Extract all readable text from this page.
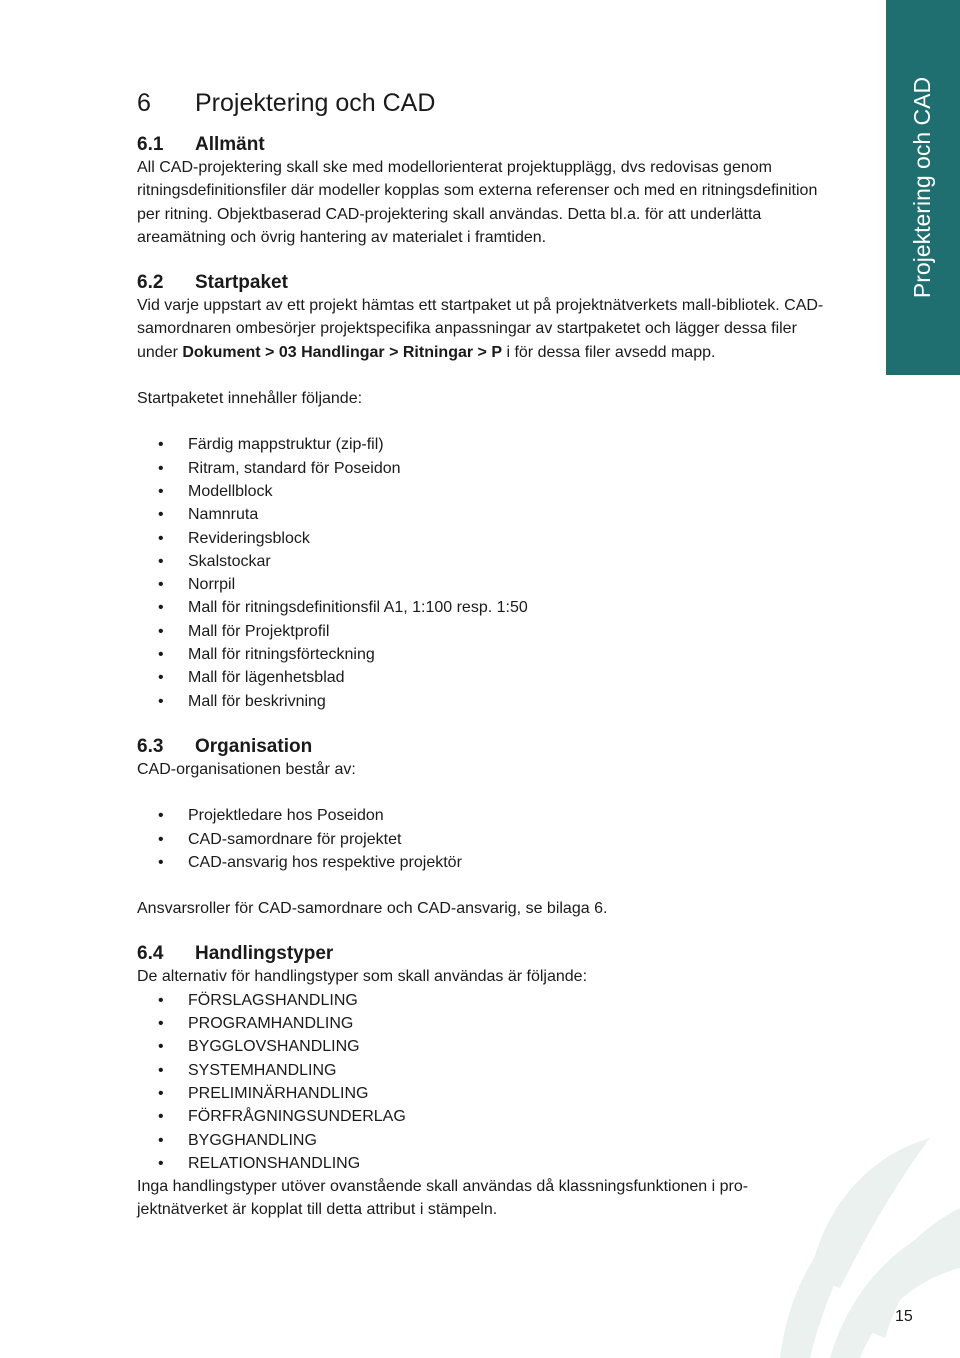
Projektering och CAD
6	Projektering och CAD
6.1	Allmänt

All CAD-projektering skall ske med modellorienterat projektupplägg, dvs redovisas genom ritningsdefinitionsfiler där modeller kopplas som externa referenser och med en ritningsdefinition per ritning. Objektbaserad CAD-projektering skall användas. Detta bl.a. för att underlätta areamätning och övrig hantering av materialet i framtiden.

6.2	Startpaket

Vid varje uppstart av ett projekt hämtas ett startpaket ut på projektnätverkets mall-bibliotek. CAD-samordnaren ombesörjer projektspecifika anpassningar av startpaketet och lägger dessa filer under Dokument > 03 Handlingar > Ritningar > P i för dessa filer avsedd mapp.

Startpaketet innehåller följande:

• Färdig mappstruktur (zip-fil)
• Ritram, standard för Poseidon
• Modellblock
• Namnruta
• Revideringsblock
• Skalstockar
• Norrpil
• Mall för ritningsdefinitionsfil A1, 1:100 resp. 1:50
• Mall för Projektprofil
• Mall för ritningsförteckning
• Mall för lägenhetsblad
• Mall för beskrivning
6.3	Organisation

CAD-organisationen består av:

• Projektledare hos Poseidon
• CAD-samordnare för projektet
• CAD-ansvarig hos respektive projektör

Ansvarsroller för CAD-samordnare och CAD-ansvarig, se bilaga 6.

6.4	Handlingstyper

De alternativ för handlingstyper som skall användas är följande:

• FÖRSLAGSHANDLING
• PROGRAMHANDLING
• BYGGLOVSHANDLING
• SYSTEMHANDLING
• PRELIMINÄRHANDLING
• FÖRFRÅGNINGSUNDERLAG
• BYGGHANDLING
• RELATIONSHANDLING

Inga handlingstyper utöver ovanstående skall användas då klassningsfunktionen i pro-jektnätverket är kopplat till detta attribut i stämpeln.

15
